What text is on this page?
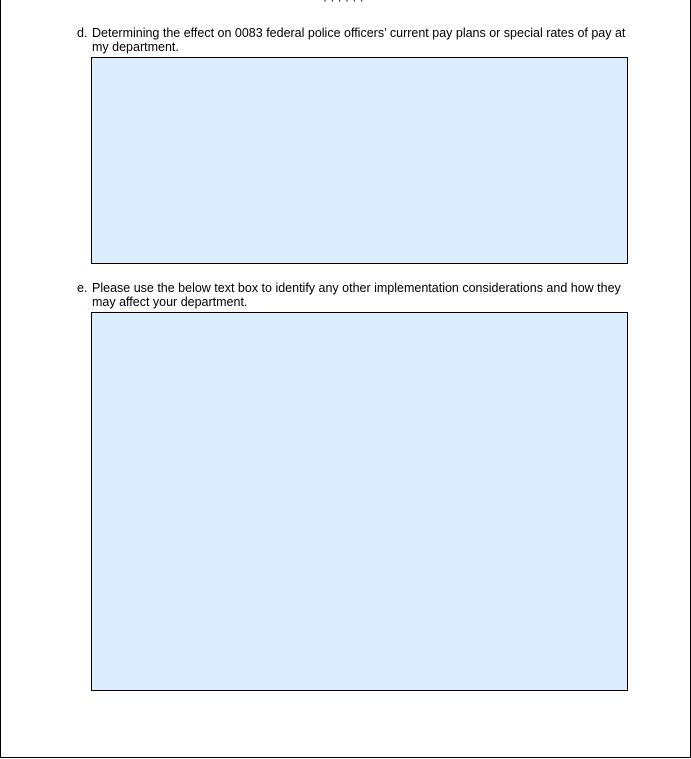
· · · · · ·
d. Determining the effect on 0083 federal police officers’ current pay plans or special rates of pay at my department.
e. Please use the below text box to identify any other implementation considerations and how they may affect your department.
